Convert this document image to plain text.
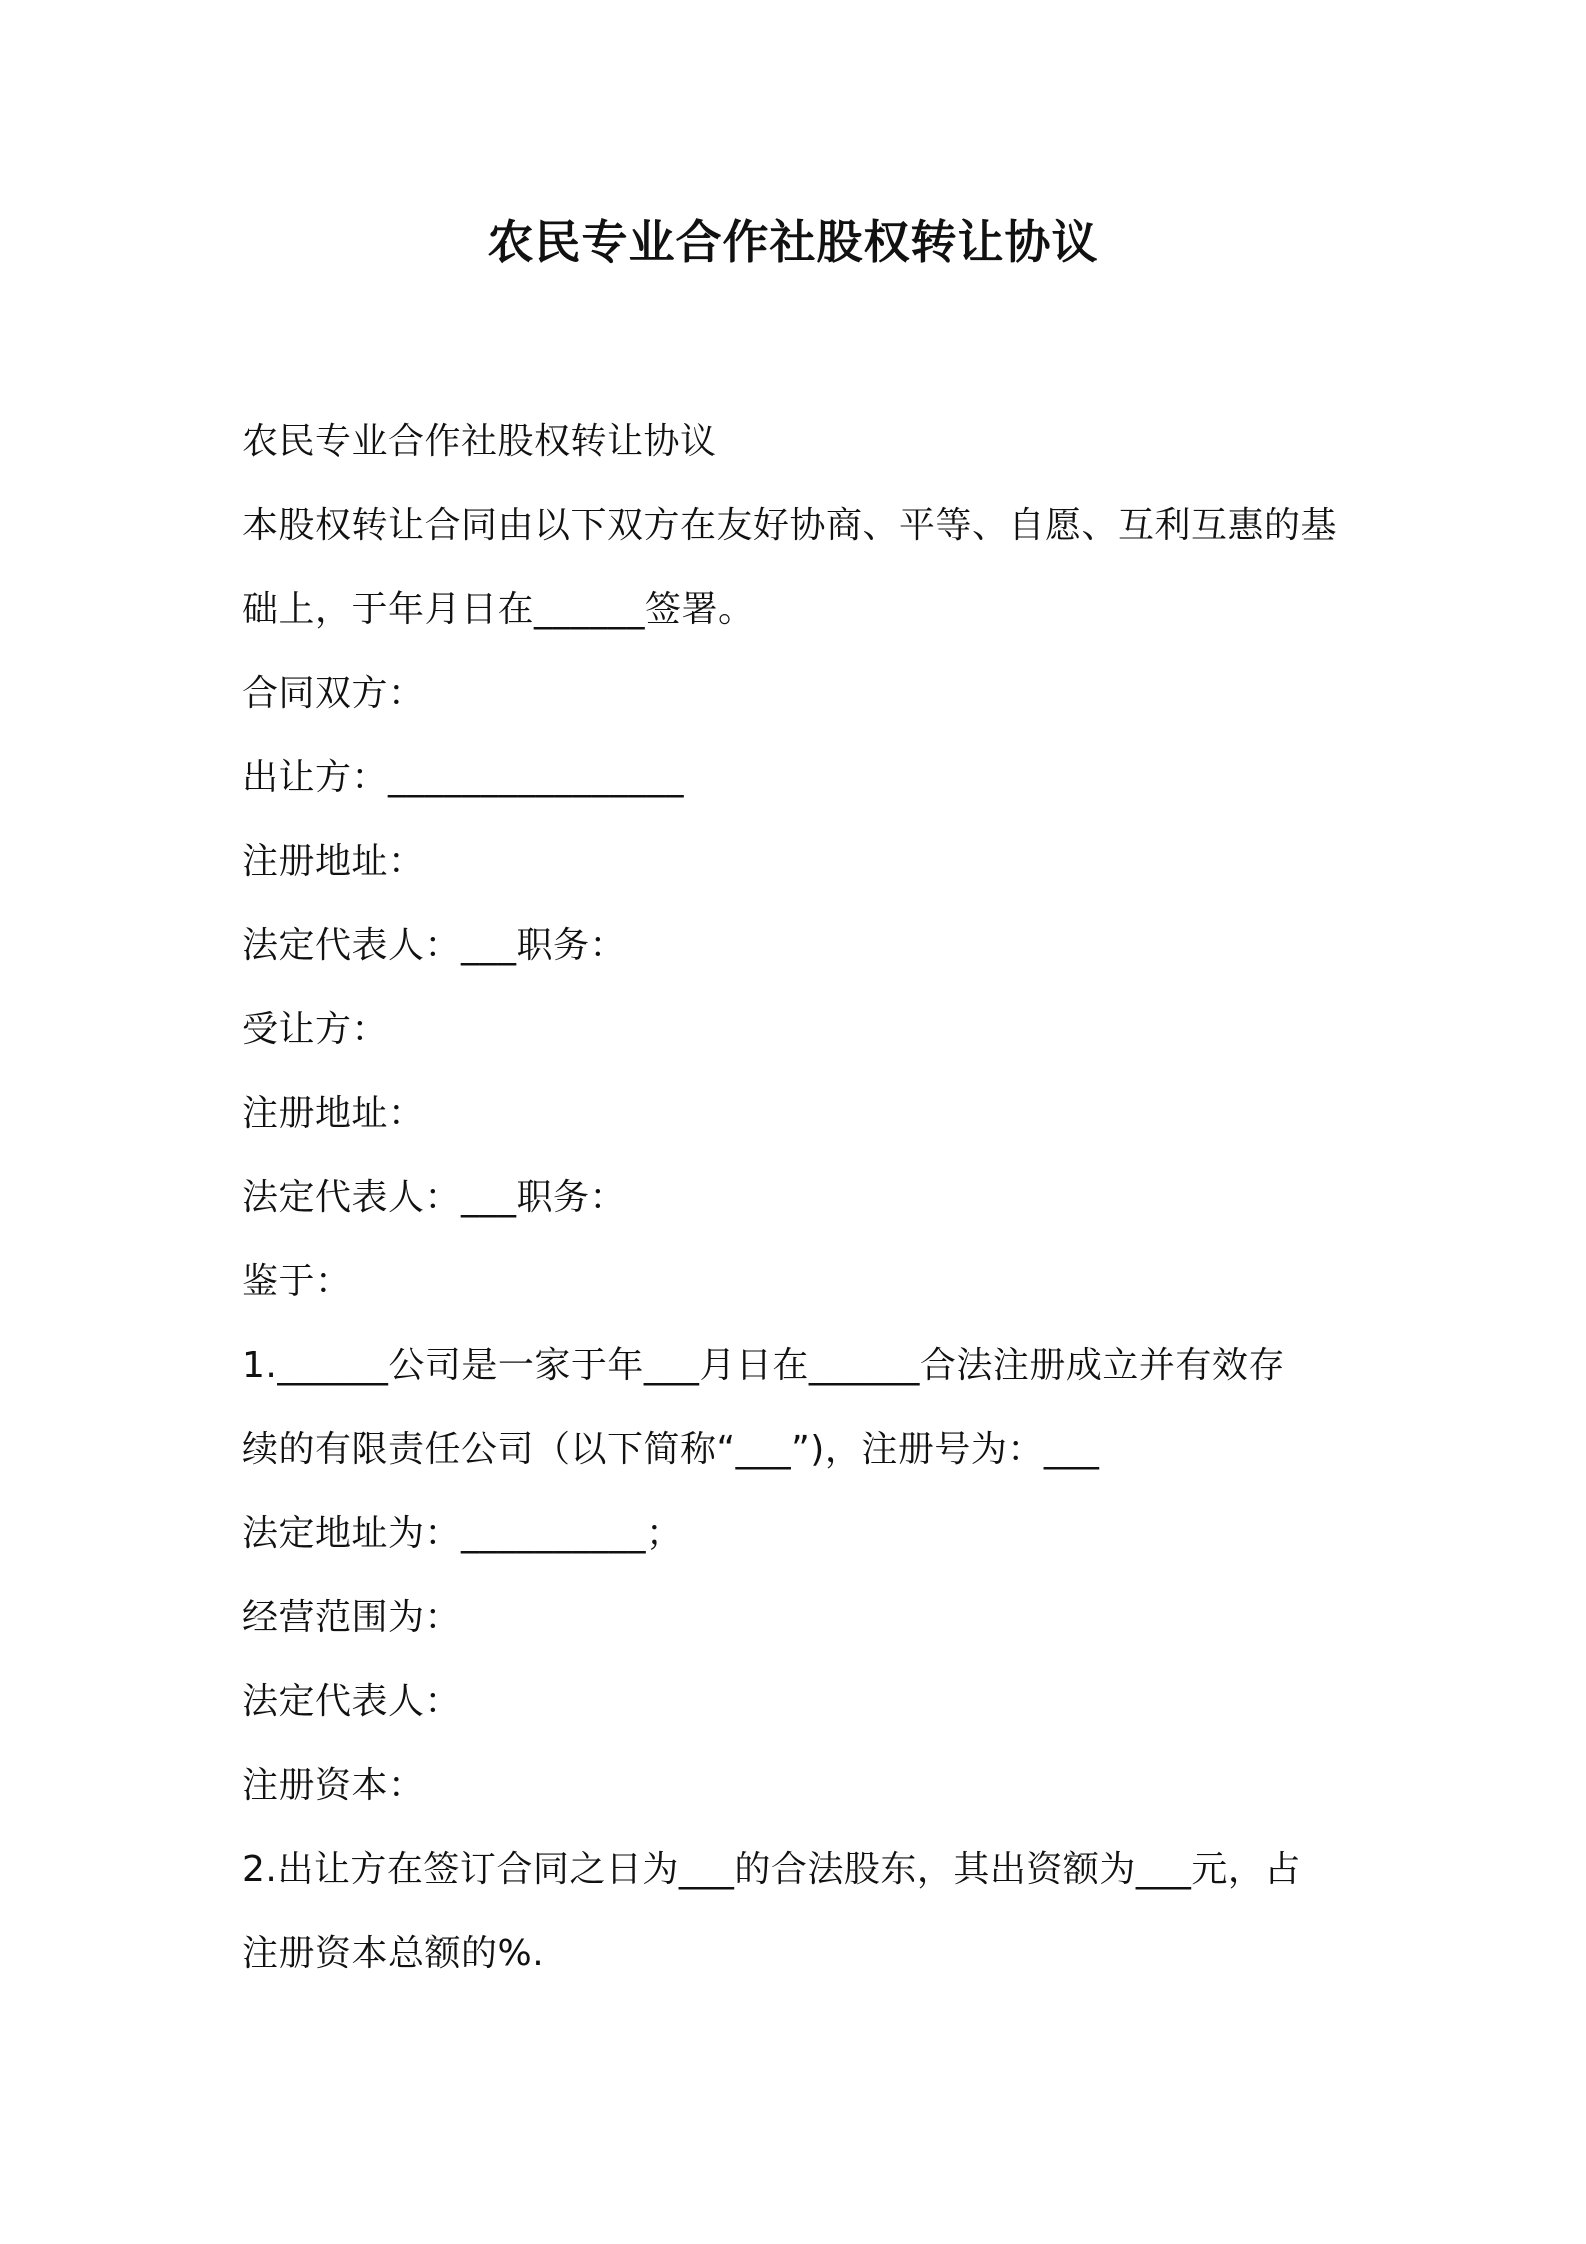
农民专业合作社股权转让协议
农民专业合作社股权转让协议
本股权转让合同由以下双方在友好协商、平等、自愿、互利互惠的基
础上，于年月日在______签署。
合同双方：
出让方：________________
注册地址：
法定代表人：___职务：
受让方：
注册地址：
法定代表人：___职务：
鉴于：
1.______公司是一家于年___月日在______合法注册成立并有效存
续的有限责任公司（以下简称“___”)，注册号为：___
法定地址为：__________；
经营范围为：
法定代表人：
注册资本：
2.出让方在签订合同之日为___的合法股东，其出资额为___元，占
注册资本总额的%.
